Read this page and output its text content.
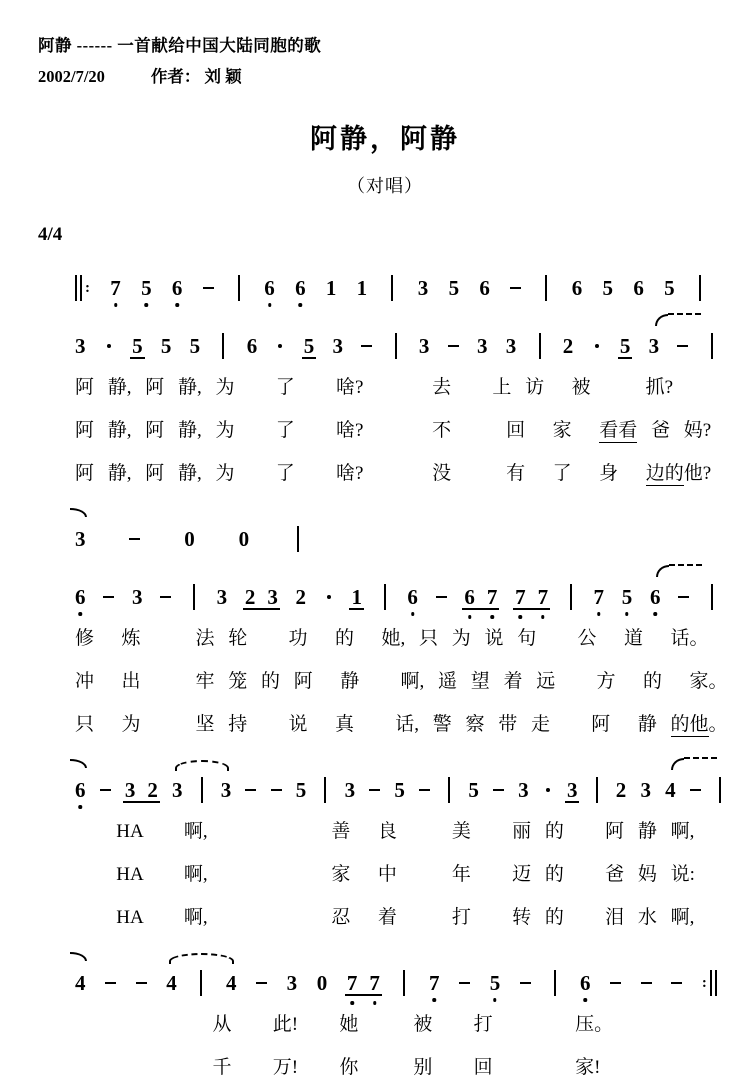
阿静 ------ 一首献给中国大陆同胞的歌
2002/7/20	作者： 刘 颖
阿静，阿静
（对唱）
4/4
: 7 5 6	6 6 1 1 3 5 6	6 5 6 5
3 5 5 5 6 5 3	3 3 3 2 5 3
阿 静, 阿 静, 为   了   啥?     去   上 访  被    抓?
阿 静, 阿 静, 为   了   啥?     不    回  家  看看 爸 妈?
阿 静, 阿 静, 为   了   啥?     没    有  了  身  边的他?
3	0 0
6 3	3 2 3 2 1 6 6 7 7 7 7 5 6
修  炼    法 轮   功  的  她, 只 为 说 句   公  道  话。
冲  出    牢 笼 的 阿  静   啊, 遥 望 着 远   方  的  家。
只  为    坚 持   说  真   话, 警 察 带 走   阿  静 的他。
6 3 2 3 3	5 3 5	5 3 3 2 3 4
HA   啊,         善  良    美   丽 的   阿 静 啊,
HA   啊,         家  中    年   迈 的   爸 妈 说:
HA   啊,         忍  着    打   转 的   泪 水 啊,
4	4 4 3 0 7 7 7 5	6	:
从   此!   她    被   打      压。
千   万!   你    别   回      家!
